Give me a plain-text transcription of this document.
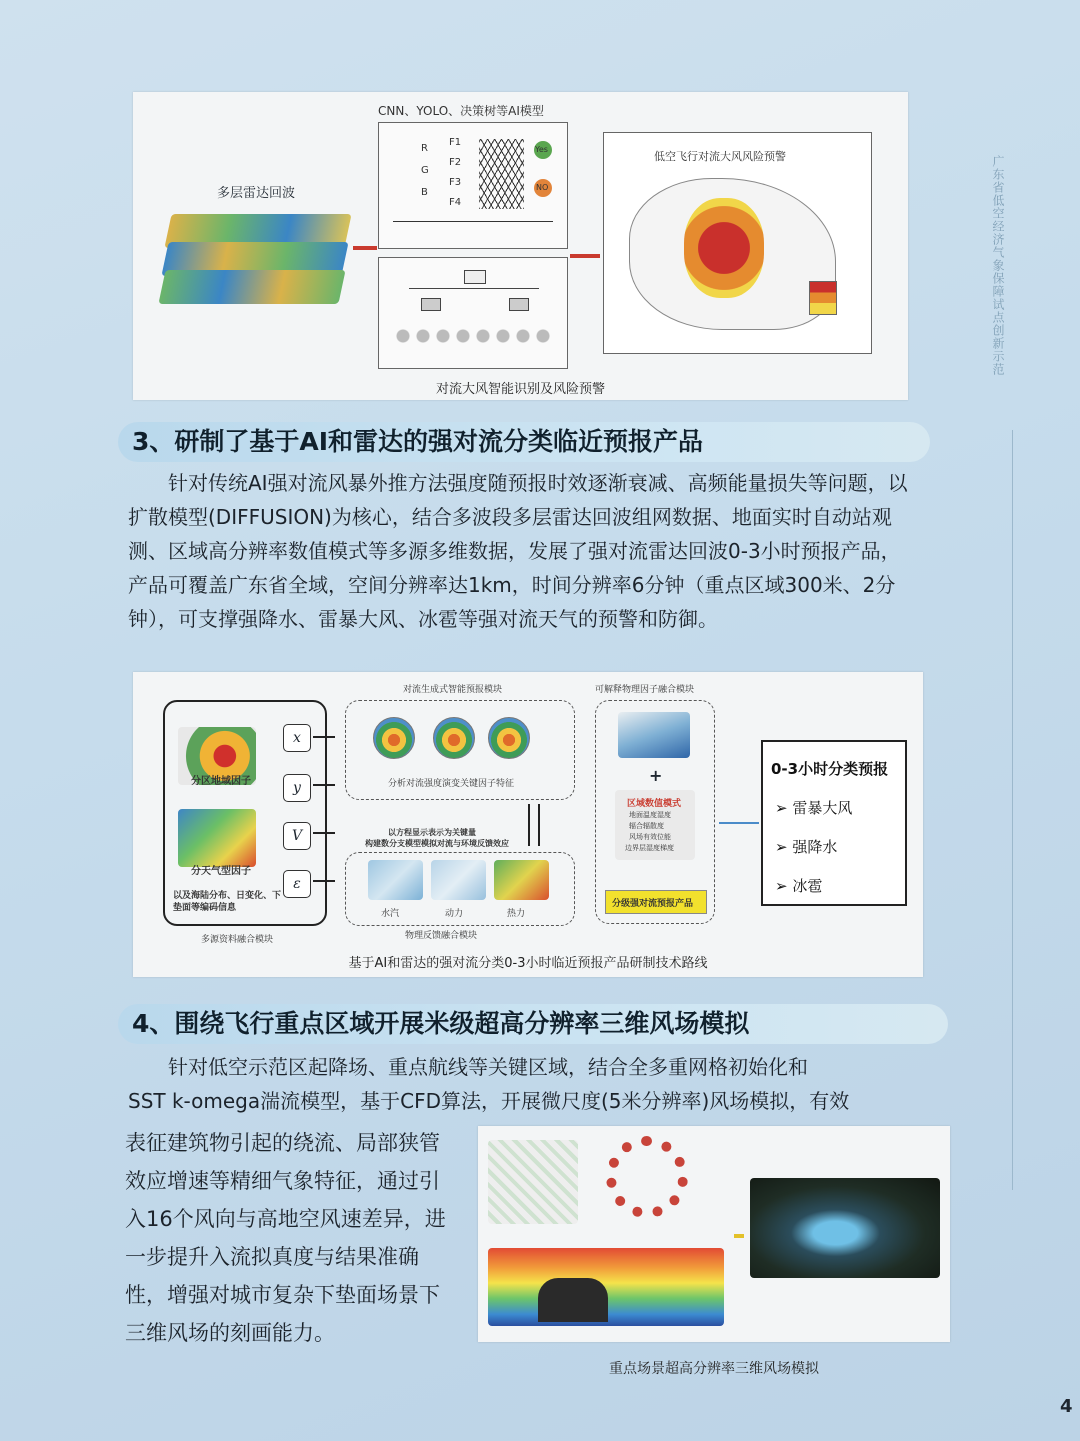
广东省低空经济气象保障试点创新示范
CNN、YOLO、决策树等AI模型
多层雷达回波
R
G
B
F1
F2
F3
F4
Yes
NO
低空飞行对流大风风险预警
对流大风智能识别及风险预警
3、研制了基于AI和雷达的强对流分类临近预报产品

针对传统AI强对流风暴外推方法强度随预报时效逐渐衰减、高频能量损失等问题，以扩散模型(DIFFUSION)为核心，结合多波段多层雷达回波组网数据、地面实时自动站观测、区域高分辨率数值模式等多源多维数据，发展了强对流雷达回波0-3小时预报产品，产品可覆盖广东省全域，空间分辨率达1km，时间分辨率6分钟（重点区域300米、2分钟），可支撑强降水、雷暴大风、冰雹等强对流天气的预警和防御。

分区地域因子
分天气型因子
以及海陆分布、日变化、下垫面等编码信息
多源资料融合模块
x
y
V
ε
对流生成式智能预报模块
分析对流强度演变关键因子特征
以方程显示表示为关键量
构建数分支模型模拟对流与环境反馈效应
水汽	动力	热力
物理反馈融合模块
可解释物理因子融合模块
+
区域数值模式
地面温度湿度
辐合辐散度
风场有效位能
边界层湿度梯度
分级强对流预报产品
0-3小时分类预报
➢ 雷暴大风
➢ 强降水
➢ 冰雹
基于AI和雷达的强对流分类0-3小时临近预报产品研制技术路线
4、围绕飞行重点区域开展米级超高分辨率三维风场模拟

针对低空示范区起降场、重点航线等关键区域，结合全多重网格初始化和

SST k-omega湍流模型，基于CFD算法，开展微尺度(5米分辨率)风场模拟，有效

表征建筑物引起的绕流、局部狭管效应增速等精细气象特征，通过引入16个风向与高地空风速差异，进一步提升入流拟真度与结果准确性，增强对城市复杂下垫面场景下三维风场的刻画能力。

重点场景超高分辨率三维风场模拟
4
